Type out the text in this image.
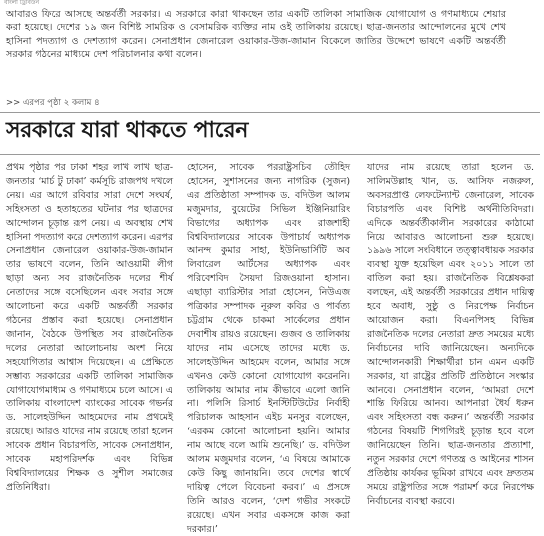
বাংলা ট্রিবিউন

আবারও ফিরে আসছে অন্তর্বর্তী সরকার। এ সরকারে কারা থাকছেন তার একটি তালিকা সামাজিক যোগাযোগ ও গণমাধ্যমে শেয়ার করা হয়েছে। দেশের ১৯ জন বিশিষ্ট সামরিক ও বেসামরিক ব্যক্তির নাম ওই তালিকায় রয়েছে। ছাত্র-জনতার আন্দোলনের মুখে শেখ হাসিনা পদত্যাগ ও দেশত্যাগ করেন। সেনাপ্রধান জেনারেল ওয়াকার-উজ-জামান বিকেলে জাতির উদ্দেশে ভাষণে একটি অন্তর্বর্তী সরকার গঠনের মাধ্যমে দেশ পরিচালনার কথা বলেন।

>> এরপর পৃষ্ঠা ২ কলাম ৪
সরকারে যারা থাকতে পারেন

প্রথম পৃষ্ঠার পর ঢাকা শহর লাখ লাখ ছাত্র-জনতার ‘মার্চ টু ঢাকা’ কর্মসূচি রাজপথ দখলে নেয়। এর আগে রবিবার সারা দেশে সংঘর্ষ, সহিংসতা ও হতাহতের ঘটনার পর ছাত্রদের আন্দোলন চূড়ান্ত রূপ নেয়। এ অবস্থায় শেখ হাসিনা পদত্যাগ করে দেশত্যাগ করেন। এরপর সেনাপ্রধান জেনারেল ওয়াকার-উজ-জামান তার ভাষণে বলেন, তিনি আওয়ামী লীগ ছাড়া অন্য সব রাজনৈতিক দলের শীর্ষ নেতাদের সঙ্গে বসেছিলেন এবং সবার সঙ্গে আলোচনা করে একটি অন্তর্বর্তী সরকার গঠনের প্রস্তাব করা হয়েছে। সেনাপ্রধান জানান, বৈঠকে উপস্থিত সব রাজনৈতিক দলের নেতারা আলোচনায় অংশ নিয়ে সহযোগিতার আশ্বাস দিয়েছেন। এ প্রেক্ষিতে সম্ভাব্য সরকারের একটি তালিকা সামাজিক যোগাযোগমাধ্যম ও গণমাধ্যমে চলে আসে। এ তালিকায় বাংলাদেশ ব্যাংকের সাবেক গভর্নর ড. সালেহউদ্দিন আহমেদের নাম প্রথমেই রয়েছে। আরও যাদের নাম রয়েছে তারা হলেন সাবেক প্রধান বিচারপতি, সাবেক সেনাপ্রধান, সাবেক মহাপরিদর্শক এবং বিভিন্ন বিশ্ববিদ্যালয়ের শিক্ষক ও সুশীল সমাজের প্রতিনিধিরা।

হোসেন, সাবেক পররাষ্ট্রসচিব তৌহিদ হোসেন, সুশাসনের জন্য নাগরিক (সুজন) এর প্রতিষ্ঠাতা সম্পাদক ড. বদিউল আলম মজুমদার, বুয়েটের সিভিল ইঞ্জিনিয়ারিং বিভাগের অধ্যাপক এবং রাজশাহী বিশ্ববিদ্যালয়ের সাবেক উপাচার্য অধ্যাপক আনন্দ কুমার সাহা, ইউনিভার্সিটি অব লিবারেল আর্টসের অধ্যাপক এবং পরিবেশবিদ সৈয়দা রিজওয়ানা হাসান। এছাড়া ব্যারিস্টার সারা হোসেন, নিউএজ পত্রিকার সম্পাদক নূরুল কবির ও পার্বত্য চট্টগ্রাম থেকে চাকমা সার্কেলের প্রধান দেবাশীষ রায়ও রয়েছেন। গুজব ও তালিকায় যাদের নাম এসেছে তাদের মধ্যে ড. সালেহউদ্দিন আহমেদ বলেন, আমার সঙ্গে এখনও কেউ কোনো যোগাযোগ করেননি। তালিকায় আমার নাম কীভাবে এলো জানি না। পলিসি রিসার্চ ইনস্টিটিউটের নির্বাহী পরিচালক আহসান এইচ মনসুর বলেছেন, ‘এরকম কোনো আলোচনা হয়নি। আমার নাম আছে বলে আমি শুনেছি।’ ড. বদিউল আলম মজুমদার বলেন, ‘এ বিষয়ে আমাকে কেউ কিছু জানায়নি। তবে দেশের স্বার্থে দায়িত্ব পেলে বিবেচনা করব।’ এ প্রসঙ্গে তিনি আরও বলেন, ‘দেশ গভীর সংকটে রয়েছে। এখন সবার একসঙ্গে কাজ করা দরকার।’

যাদের নাম রয়েছে তারা হলেন ড. সালিমউল্লাহ খান, ড. আসিফ নজরুল, অবসরপ্রাপ্ত লেফটেন্যান্ট জেনারেল, সাবেক বিচারপতি এবং বিশিষ্ট অর্থনীতিবিদরা। এদিকে অন্তর্বর্তীকালীন সরকারের কাঠামো নিয়ে আবারও আলোচনা শুরু হয়েছে। ১৯৯৬ সালে সংবিধানে তত্ত্বাবধায়ক সরকার ব্যবস্থা যুক্ত হয়েছিল এবং ২০১১ সালে তা বাতিল করা হয়। রাজনৈতিক বিশ্লেষকরা বলছেন, এই অন্তর্বর্তী সরকারের প্রধান দায়িত্ব হবে অবাধ, সুষ্ঠু ও নিরপেক্ষ নির্বাচন আয়োজন করা। বিএনপিসহ বিভিন্ন রাজনৈতিক দলের নেতারা দ্রুত সময়ের মধ্যে নির্বাচনের দাবি জানিয়েছেন। অন্যদিকে আন্দোলনকারী শিক্ষার্থীরা চান এমন একটি সরকার, যা রাষ্ট্রের প্রতিটি প্রতিষ্ঠানে সংস্কার আনবে। সেনাপ্রধান বলেন, ‘আমরা দেশে শান্তি ফিরিয়ে আনব। আপনারা ধৈর্য ধরুন এবং সহিংসতা বন্ধ করুন।’ অন্তর্বর্তী সরকার গঠনের বিষয়টি শিগগিরই চূড়ান্ত হবে বলে জানিয়েছেন তিনি। ছাত্র-জনতার প্রত্যাশা, নতুন সরকার দেশে গণতন্ত্র ও আইনের শাসন প্রতিষ্ঠায় কার্যকর ভূমিকা রাখবে এবং দ্রুততম সময়ে রাষ্ট্রপতির সঙ্গে পরামর্শ করে নিরপেক্ষ নির্বাচনের ব্যবস্থা করবে।
